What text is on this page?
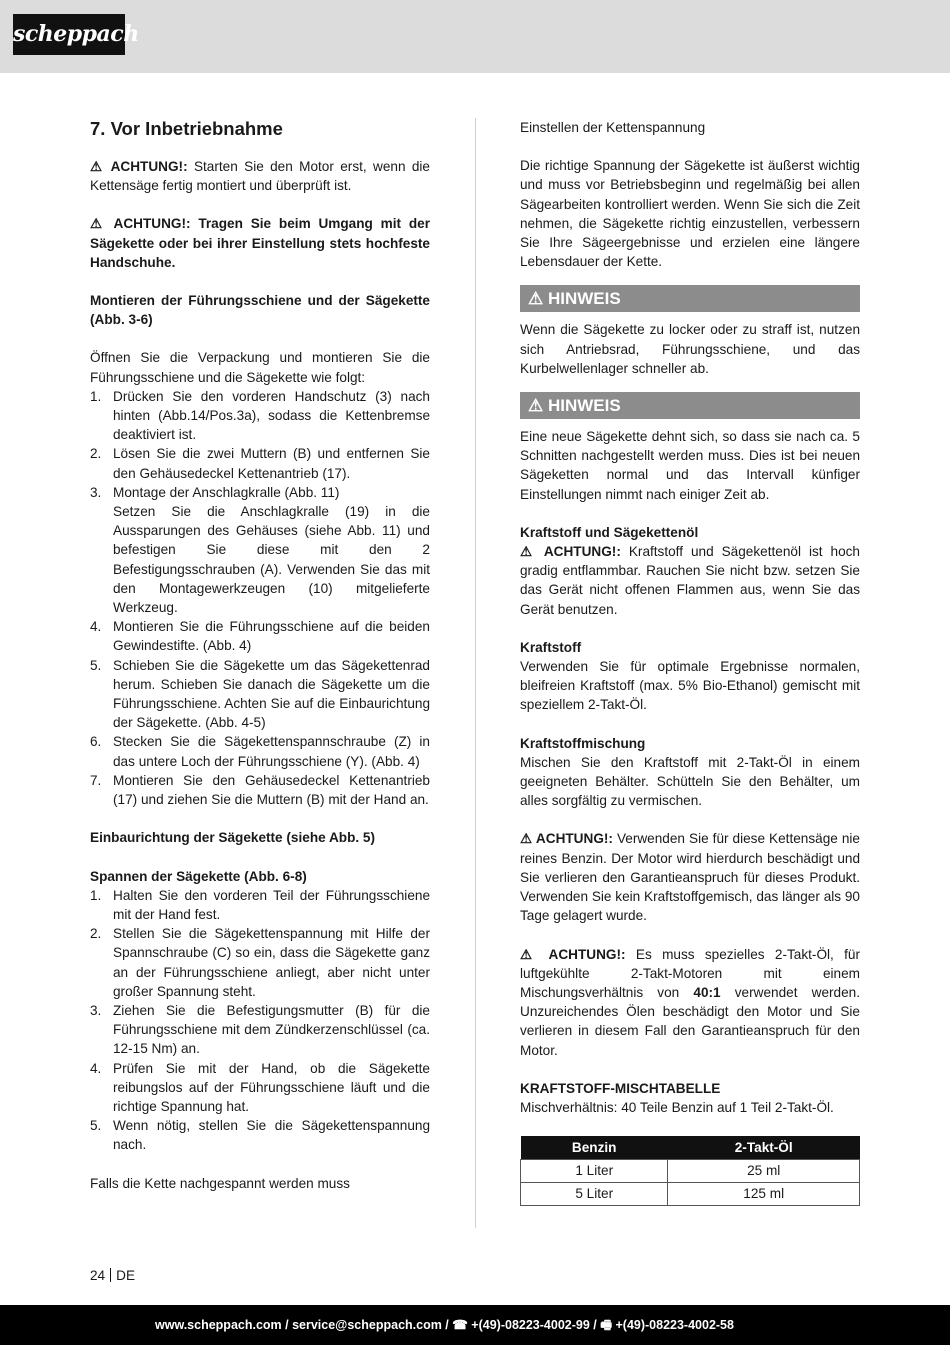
scheppach
7. Vor Inbetriebnahme

⚠ ACHTUNG!: Starten Sie den Motor erst, wenn die Kettensäge fertig montiert und überprüft ist.

⚠ ACHTUNG!: Tragen Sie beim Umgang mit der Sägekette oder bei ihrer Einstellung stets hochfeste Handschuhe.

Montieren der Führungsschiene und der Sägekette (Abb. 3-6)

Öffnen Sie die Verpackung und montieren Sie die Führungsschiene und die Sägekette wie folgt:

1. Drücken Sie den vorderen Handschutz (3) nach hinten (Abb.14/Pos.3a), sodass die Kettenbremse deaktiviert ist.
2. Lösen Sie die zwei Muttern (B) und entfernen Sie den Gehäusedeckel Kettenantrieb (17).
3. Montage der Anschlagkralle (Abb. 11)
Setzen Sie die Anschlagkralle (19) in die Aussparungen des Gehäuses (siehe Abb. 11) und befestigen Sie diese mit den 2 Befestigungsschrauben (A). Verwenden Sie das mit den Montagewerkzeugen (10) mitgelieferte Werkzeug.
4. Montieren Sie die Führungsschiene auf die beiden Gewindestifte. (Abb. 4)
5. Schieben Sie die Sägekette um das Sägekettenrad herum. Schieben Sie danach die Sägekette um die Führungsschiene. Achten Sie auf die Einbaurichtung der Sägekette. (Abb. 4-5)
6. Stecken Sie die Sägekettenspannschraube (Z) in das untere Loch der Führungsschiene (Y). (Abb. 4)
7. Montieren Sie den Gehäusedeckel Kettenantrieb (17) und ziehen Sie die Muttern (B) mit der Hand an.

Einbaurichtung der Sägekette (siehe Abb. 5)

Spannen der Sägekette (Abb. 6-8)

1. Halten Sie den vorderen Teil der Führungsschiene mit der Hand fest.
2. Stellen Sie die Sägekettenspannung mit Hilfe der Spannschraube (C) so ein, dass die Sägekette ganz an der Führungsschiene anliegt, aber nicht unter großer Spannung steht.
3. Ziehen Sie die Befestigungsmutter (B) für die Führungsschiene mit dem Zündkerzenschlüssel (ca. 12-15 Nm) an.
4. Prüfen Sie mit der Hand, ob die Sägekette reibungslos auf der Führungsschiene läuft und die richtige Spannung hat.
5. Wenn nötig, stellen Sie die Sägekettenspannung nach.

Falls die Kette nachgespannt werden muss

Einstellen der Kettenspannung

Die richtige Spannung der Sägekette ist äußerst wichtig und muss vor Betriebsbeginn und regelmäßig bei allen Sägearbeiten kontrolliert werden. Wenn Sie sich die Zeit nehmen, die Sägekette richtig einzustellen, verbessern Sie Ihre Sägeergebnisse und erzielen eine längere Lebensdauer der Kette.

⚠ HINWEIS

Wenn die Sägekette zu locker oder zu straff ist, nutzen sich Antriebsrad, Führungsschiene, und das Kurbelwellenlager schneller ab.

⚠ HINWEIS

Eine neue Sägekette dehnt sich, so dass sie nach ca. 5 Schnitten nachgestellt werden muss. Dies ist bei neuen Sägeketten normal und das Intervall künfiger Einstellungen nimmt nach einiger Zeit ab.

Kraftstoff und Sägekettenöl

⚠ ACHTUNG!: Kraftstoff und Sägekettenöl ist hoch gradig entflammbar. Rauchen Sie nicht bzw. setzen Sie das Gerät nicht offenen Flammen aus, wenn Sie das Gerät benutzen.

Kraftstoff

Verwenden Sie für optimale Ergebnisse normalen, bleifreien Kraftstoff (max. 5% Bio-Ethanol) gemischt mit speziellem 2-Takt-Öl.

Kraftstoffmischung

Mischen Sie den Kraftstoff mit 2-Takt-Öl in einem geeigneten Behälter. Schütteln Sie den Behälter, um alles sorgfältig zu vermischen.

⚠ ACHTUNG!: Verwenden Sie für diese Kettensäge nie reines Benzin. Der Motor wird hierdurch beschädigt und Sie verlieren den Garantieanspruch für dieses Produkt. Verwenden Sie kein Kraftstoffgemisch, das länger als 90 Tage gelagert wurde.

⚠ ACHTUNG!: Es muss spezielles 2-Takt-Öl, für luftgekühlte 2-Takt-Motoren mit einem Mischungsverhältnis von 40:1 verwendet werden. Unzureichendes Ölen beschädigt den Motor und Sie verlieren in diesem Fall den Garantieanspruch für den Motor.

KRAFTSTOFF-MISCHTABELLE

Mischverhältnis: 40 Teile Benzin auf 1 Teil 2-Takt-Öl.

Benzin	2-Takt-Öl
1 Liter	25 ml
5 Liter	125 ml
24 DE
www.scheppach.com / service@scheppach.com / ☎ +(49)-08223-4002-99 / 🖷 +(49)-08223-4002-58
